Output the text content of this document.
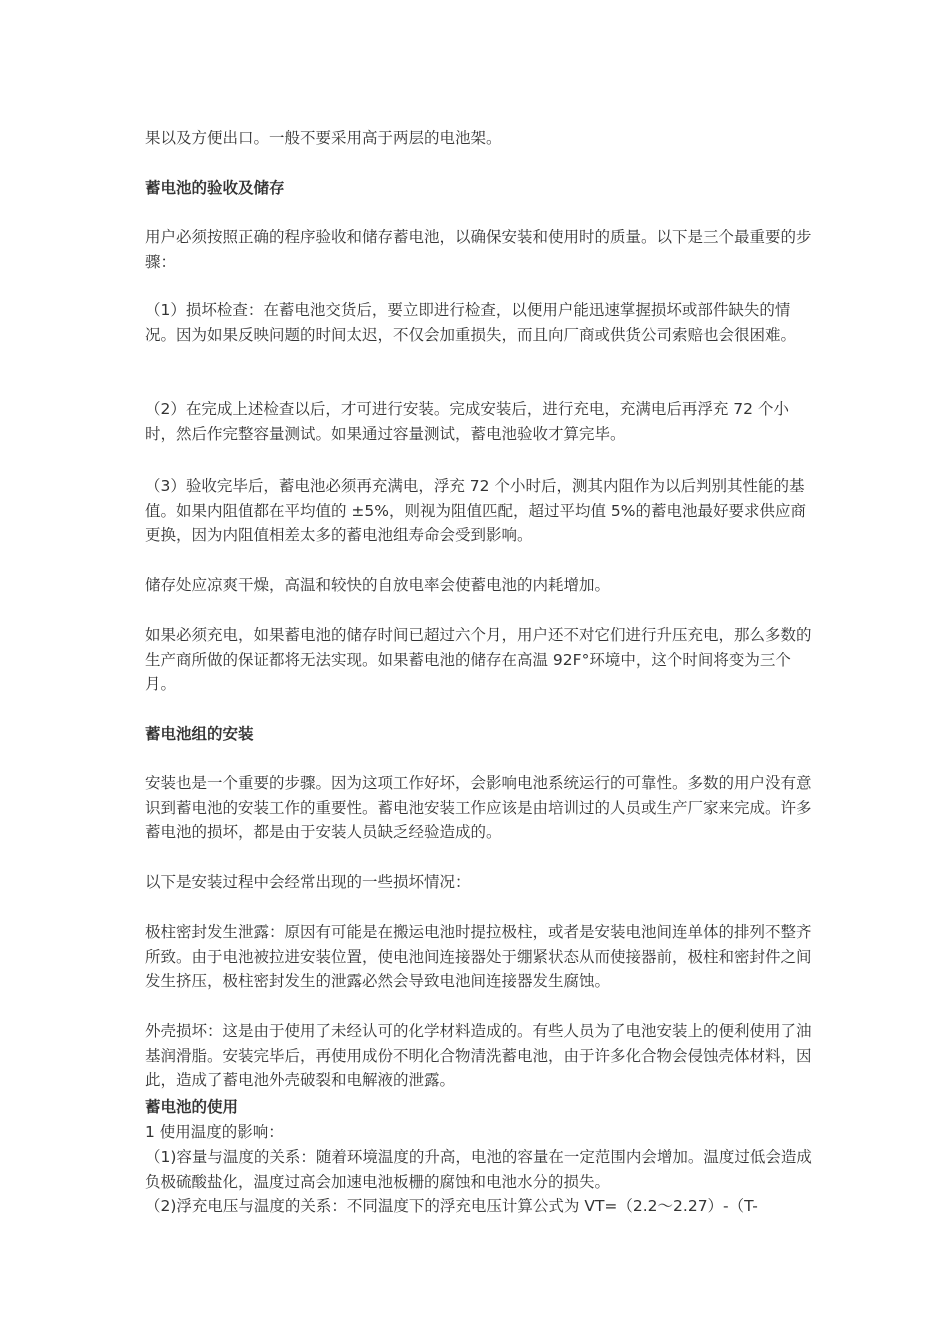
果以及方便出口。一般不要采用高于两层的电池架。

蓄电池的验收及储存

用户必须按照正确的程序验收和储存蓄电池，以确保安装和使用时的质量。以下是三个最重要的步骤：

（1）损坏检查：在蓄电池交货后，要立即进行检查，以便用户能迅速掌握损坏或部件缺失的情况。因为如果反映问题的时间太迟，不仅会加重损失，而且向厂商或供货公司索赔也会很困难。

（2）在完成上述检查以后，才可进行安装。完成安装后，进行充电，充满电后再浮充 72 个小时，然后作完整容量测试。如果通过容量测试，蓄电池验收才算完毕。

（3）验收完毕后，蓄电池必须再充满电，浮充 72 个小时后，测其内阻作为以后判别其性能的基值。如果内阻值都在平均值的 ±5%，则视为阻值匹配，超过平均值 5%的蓄电池最好要求供应商更换，因为内阻值相差太多的蓄电池组寿命会受到影响。

储存处应凉爽干燥，高温和较快的自放电率会使蓄电池的内耗增加。

如果必须充电，如果蓄电池的储存时间已超过六个月，用户还不对它们进行升压充电，那么多数的生产商所做的保证都将无法实现。如果蓄电池的储存在高温 92F°环境中，这个时间将变为三个月。

蓄电池组的安装

安装也是一个重要的步骤。因为这项工作好坏，会影响电池系统运行的可靠性。多数的用户没有意识到蓄电池的安装工作的重要性。蓄电池安装工作应该是由培训过的人员或生产厂家来完成。许多蓄电池的损坏，都是由于安装人员缺乏经验造成的。

以下是安装过程中会经常出现的一些损坏情况：

极柱密封发生泄露：原因有可能是在搬运电池时提拉极柱，或者是安装电池间连单体的排列不整齐所致。由于电池被拉进安装位置，使电池间连接器处于绷紧状态从而使接器前，极柱和密封件之间发生挤压，极柱密封发生的泄露必然会导致电池间连接器发生腐蚀。

外壳损坏：这是由于使用了未经认可的化学材料造成的。有些人员为了电池安装上的便利使用了油基润滑脂。安装完毕后，再使用成份不明化合物清洗蓄电池，由于许多化合物会侵蚀壳体材料，因此，造成了蓄电池外壳破裂和电解液的泄露。

蓄电池的使用

1 使用温度的影响：

（1)容量与温度的关系：随着环境温度的升高，电池的容量在一定范围内会增加。温度过低会造成负极硫酸盐化，温度过高会加速电池板栅的腐蚀和电池水分的损失。

（2)浮充电压与温度的关系：不同温度下的浮充电压计算公式为 VT=（2.2～2.27）-（T-
